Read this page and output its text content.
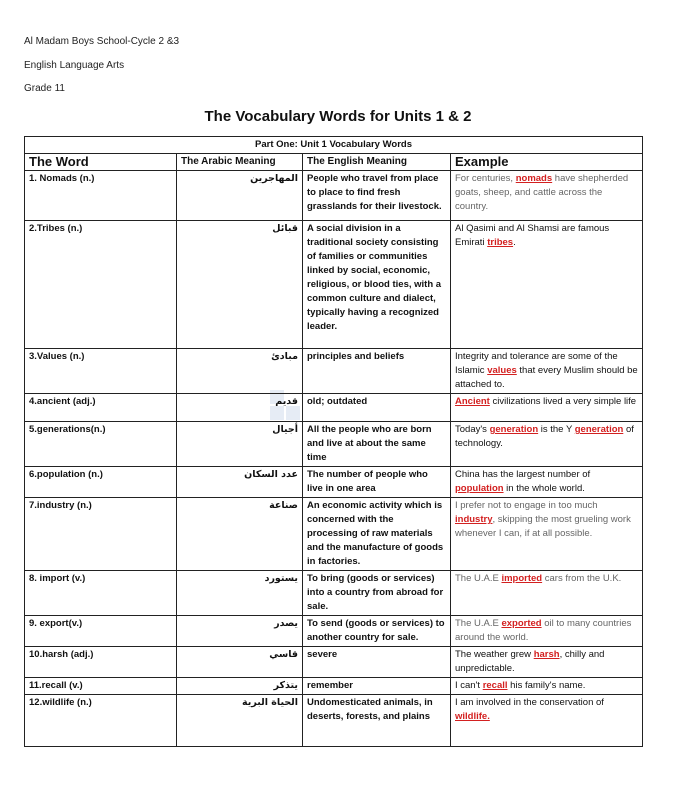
Al Madam Boys School-Cycle 2 &3
English Language Arts
Grade 11
The Vocabulary Words for Units 1 & 2
Part One: Unit 1 Vocabulary Words			
The Word	The Arabic Meaning	The English Meaning	Example
1. Nomads (n.)	المهاجرين	People who travel from place to place to find fresh grasslands for their livestock.	For centuries, nomads have shepherded goats, sheep, and cattle across the country.
2.Tribes (n.)	قبائل	A social division in a traditional society consisting of families or communities linked by social, economic, religious, or blood ties, with a common culture and dialect, typically having a recognized leader.	Al Qasimi and Al Shamsi are famous Emirati tribes.
3.Values (n.)	مبادئ	principles and beliefs	Integrity and tolerance are some of the Islamic values that every Muslim should be attached to.
4.ancient (adj.)	قديم	old; outdated	Ancient civilizations lived a very simple life
5.generations(n.)	أجيال	All the people who are born and live at about the same time	Today's generation is the Y generation of technology.
6.population (n.)	عدد السكان	The number of people who live in one area	China has the largest number of population in the whole world.
7.industry (n.)	صناعة	An economic activity which is concerned with the processing of raw materials and the manufacture of goods in factories.	I prefer not to engage in too much industry, skipping the most grueling work whenever I can, if at all possible.
8. import (v.)	يستورد	To bring (goods or services) into a country from abroad for sale.	The U.A.E imported cars from the U.K.
9. export(v.)	يصدر	To send (goods or services) to another country for sale.	The U.A.E exported oil to many countries around the world.
10.harsh (adj.)	قاسي	severe	The weather grew harsh, chilly and unpredictable.
11.recall (v.)	يتذكر	remember	I can't recall his family's name.
12.wildlife (n.)	الحياة البرية	Undomesticated animals, in deserts, forests, and plains	I am involved in the conservation of wildlife.
